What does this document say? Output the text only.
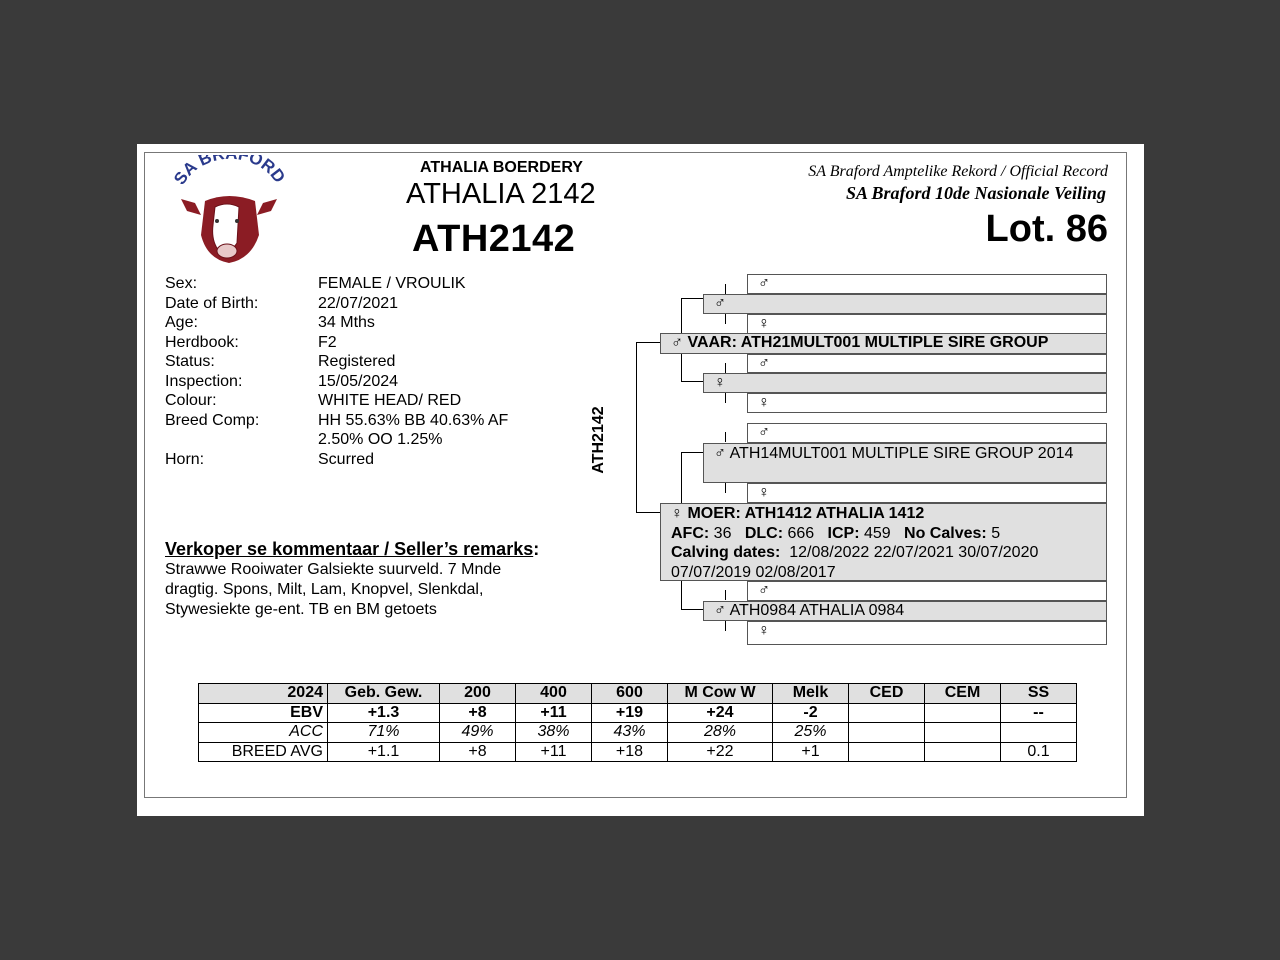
SA B ORD	ATHALIA BOERDERY
ATHALIA 2142
ATH2142
SA Braford Amptelike Rekord / Official Record
SA Braford 10de Nasionale Veiling
Lot. 86
Sex:	FEMALE / VROULIK
Date of Birth:	22/07/2021
Age:	34 Mths
Herdbook:	F2
Status:	Registered
Inspection:	15/05/2024
Colour:	WHITE HEAD/ RED
Breed Comp:	HH 55.63% BB 40.63% AF 2.50% OO 1.25%
Horn:	Scurred
Verkoper se kommentaar / Seller’s remarks:
Strawwe Rooiwater Galsiekte suurveld. 7 Mnde dragtig. Spons, Milt, Lam, Knopvel, Slenkdal, Stywesiekte ge-ent. TB en BM getoets
ATH2142
♂
♂
♀
♂ VAAR: ATH21MULT001 MULTIPLE SIRE GROUP
♂
♀
♀
♂
♂ ATH14MULT001 MULTIPLE SIRE GROUP 2014
♀
♀ MOER: ATH1412 ATHALIA 1412
AFC: 36 DLC: 666 ICP: 459 No Calves: 5
Calving dates: 12/08/2022 22/07/2021 30/07/2020 07/07/2019 02/08/2017
♂
♂ ATH0984 ATHALIA 0984
♀
2024	Geb. Gew.	200	400	600	M Cow W	Melk	CED	CEM	SS
EBV	+1.3	+8	+11	+19	+24	-2			--
ACC	71%	49%	38%	43%	28%	25%			
BREED AVG	+1.1	+8	+11	+18	+22	+1			0.1
